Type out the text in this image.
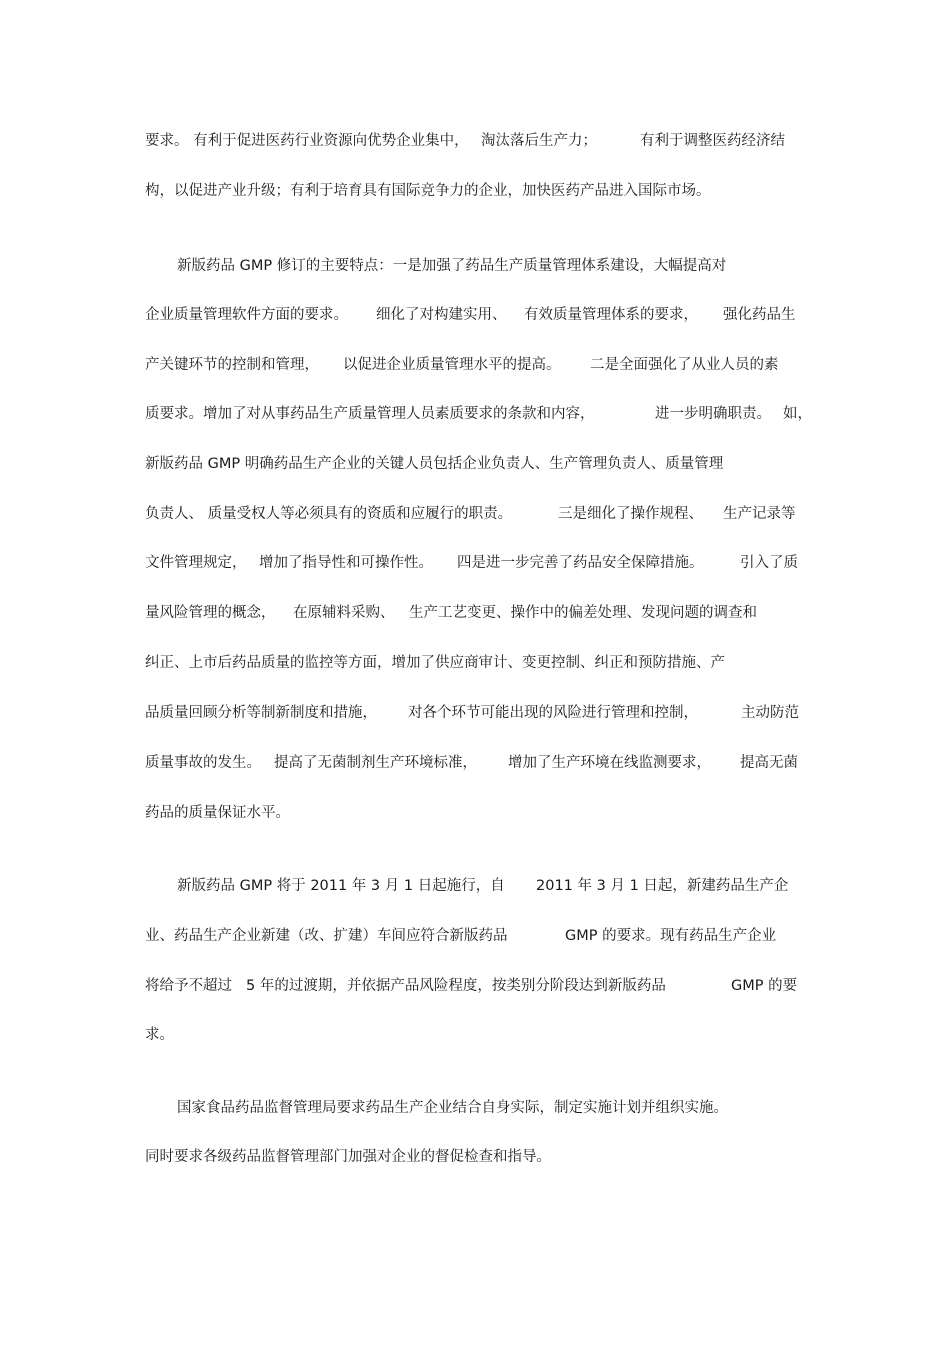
要求。 有利于促进医药行业资源向优势企业集中， 淘汰落后生产力；	有利于调整医药经济结
构，以促进产业升级；有利于培育具有国际竞争力的企业，加快医药产品进入国际市场。
新版药品 GMP 修订的主要特点：一是加强了药品生产质量管理体系建设，大幅提高对
企业质量管理软件方面的要求。 细化了对构建实用、 有效质量管理体系的要求， 强化药品生
产关键环节的控制和管理， 以促进企业质量管理水平的提高。 二是全面强化了从业人员的素
质要求。增加了对从事药品生产质量管理人员素质要求的条款和内容，	进一步明确职责。 如，
新版药品 GMP 明确药品生产企业的关键人员包括企业负责人、生产管理负责人、质量管理
负责人、 质量受权人等必须具有的资质和应履行的职责。	三是细化了操作规程、 生产记录等
文件管理规定， 增加了指导性和可操作性。 四是进一步完善了药品安全保障措施。	引入了质
量风险管理的概念， 在原辅料采购、 生产工艺变更、操作中的偏差处理、发现问题的调查和
纠正、上市后药品质量的监控等方面，增加了供应商审计、变更控制、纠正和预防措施、产
品质量回顾分析等制新制度和措施， 对各个环节可能出现的风险进行管理和控制，	主动防范
质量事故的发生。 提高了无菌制剂生产环境标准， 增加了生产环境在线监测要求， 提高无菌
药品的质量保证水平。
新版药品 GMP 将于 2011 年 3 月 1 日起施行，自 2011 年 3 月 1 日起，新建药品生产企
业、药品生产企业新建（改、扩建）车间应符合新版药品	GMP 的要求。现有药品生产企业
将给予不超过 5 年的过渡期，并依据产品风险程度，按类别分阶段达到新版药品	GMP 的要
求。
国家食品药品监督管理局要求药品生产企业结合自身实际，制定实施计划并组织实施。
同时要求各级药品监督管理部门加强对企业的督促检查和指导。
